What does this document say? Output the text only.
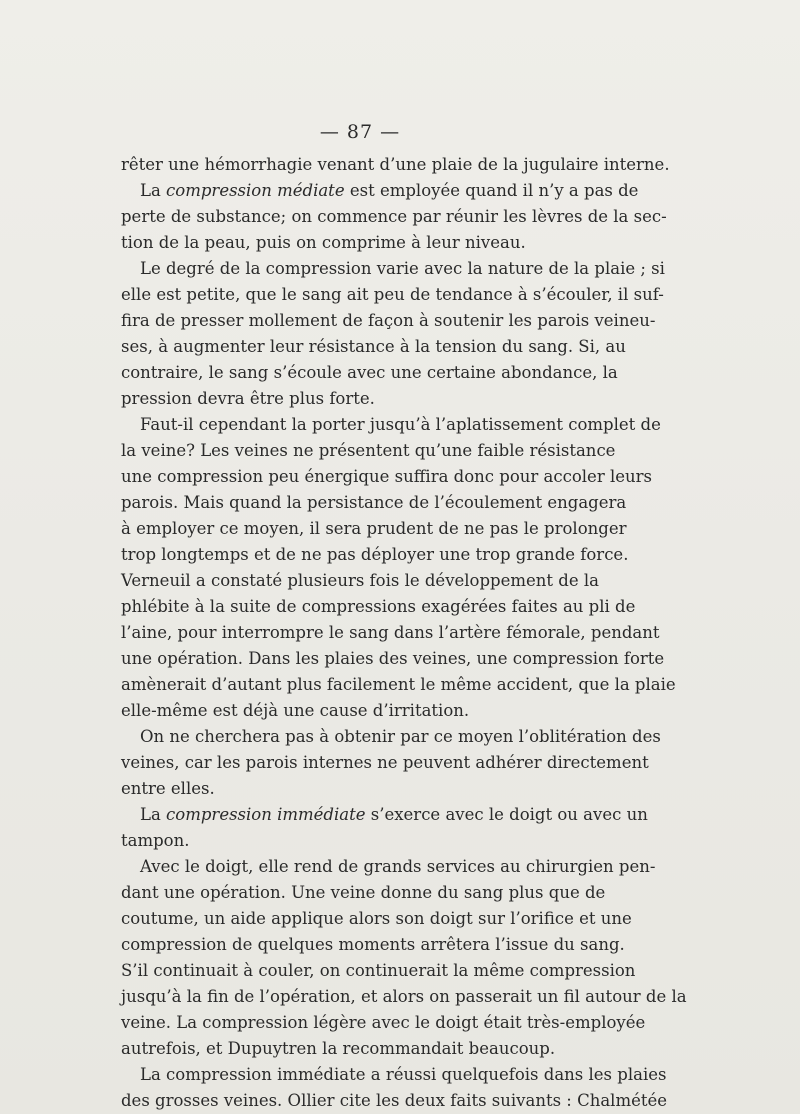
— 87 —
rêter une hémorrhagie venant d’une plaie de la jugulaire interne.
La compression médiate est employée quand il n’y a pas de
perte de substance; on commence par réunir les lèvres de la sec-
tion de la peau, puis on comprime à leur niveau.
Le degré de la compression varie avec la nature de la plaie ; si
elle est petite, que le sang ait peu de tendance à s’écouler, il suf-
fira de presser mollement de façon à soutenir les parois veineu-
ses, à augmenter leur résistance à la tension du sang. Si, au
contraire, le sang s’écoule avec une certaine abondance, la
pression devra être plus forte.
Faut-il cependant la porter jusqu’à l’aplatissement complet de
la veine? Les veines ne présentent qu’une faible résistance
une compression peu énergique suffira donc pour accoler leurs
parois. Mais quand la persistance de l’écoulement engagera
à employer ce moyen, il sera prudent de ne pas le prolonger
trop longtemps et de ne pas déployer une trop grande force.
Verneuil a constaté plusieurs fois le développement de la
phlébite à la suite de compressions exagérées faites au pli de
l’aine, pour interrompre le sang dans l’artère fémorale, pendant
une opération. Dans les plaies des veines, une compression forte
amènerait d’autant plus facilement le même accident, que la plaie
elle-même est déjà une cause d’irritation.
On ne cherchera pas à obtenir par ce moyen l’oblitération des
veines, car les parois internes ne peuvent adhérer directement
entre elles.
La compression immédiate s’exerce avec le doigt ou avec un
tampon.
Avec le doigt, elle rend de grands services au chirurgien pen-
dant une opération. Une veine donne du sang plus que de
coutume, un aide applique alors son doigt sur l’orifice et une
compression de quelques moments arrêtera l’issue du sang.
S’il continuait à couler, on continuerait la même compression
jusqu’à la fin de l’opération, et alors on passerait un fil autour de la
veine. La compression légère avec le doigt était très-employée
autrefois, et Dupuytren la recommandait beaucoup.
La compression immédiate a réussi quelquefois dans les plaies
des grosses veines. Ollier cite les deux faits suivants : Chalmétée
